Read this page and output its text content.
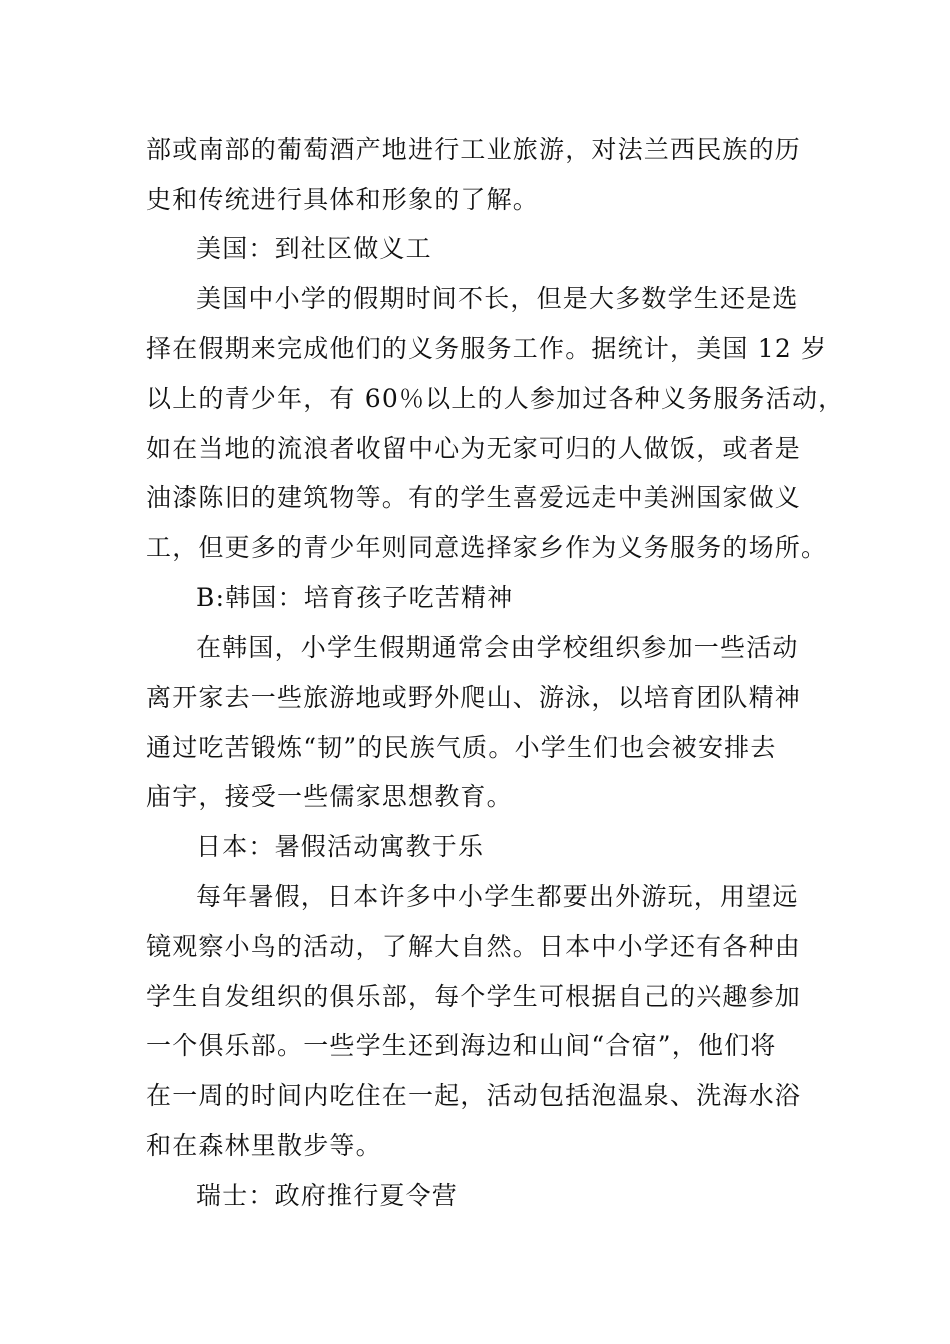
部或南部的葡萄酒产地进行工业旅游，对法兰西民族的历
史和传统进行具体和形象的了解。
美国：到社区做义工
美国中小学的假期时间不长，但是大多数学生还是选
择在假期来完成他们的义务服务工作。据统计，美国 12 岁
以上的青少年，有 60％以上的人参加过各种义务服务活动，
如在当地的流浪者收留中心为无家可归的人做饭，或者是
油漆陈旧的建筑物等。有的学生喜爱远走中美洲国家做义
工，但更多的青少年则同意选择家乡作为义务服务的场所。
B:韩国：培育孩子吃苦精神
在韩国，小学生假期通常会由学校组织参加一些活动
离开家去一些旅游地或野外爬山、游泳，以培育团队精神
通过吃苦锻炼“韧”的民族气质。小学生们也会被安排去
庙宇，接受一些儒家思想教育。
日本：暑假活动寓教于乐
每年暑假，日本许多中小学生都要出外游玩，用望远
镜观察小鸟的活动，了解大自然。日本中小学还有各种由
学生自发组织的俱乐部，每个学生可根据自己的兴趣参加
一个俱乐部。一些学生还到海边和山间“合宿”，他们将
在一周的时间内吃住在一起，活动包括泡温泉、洗海水浴
和在森林里散步等。
瑞士：政府推行夏令营
